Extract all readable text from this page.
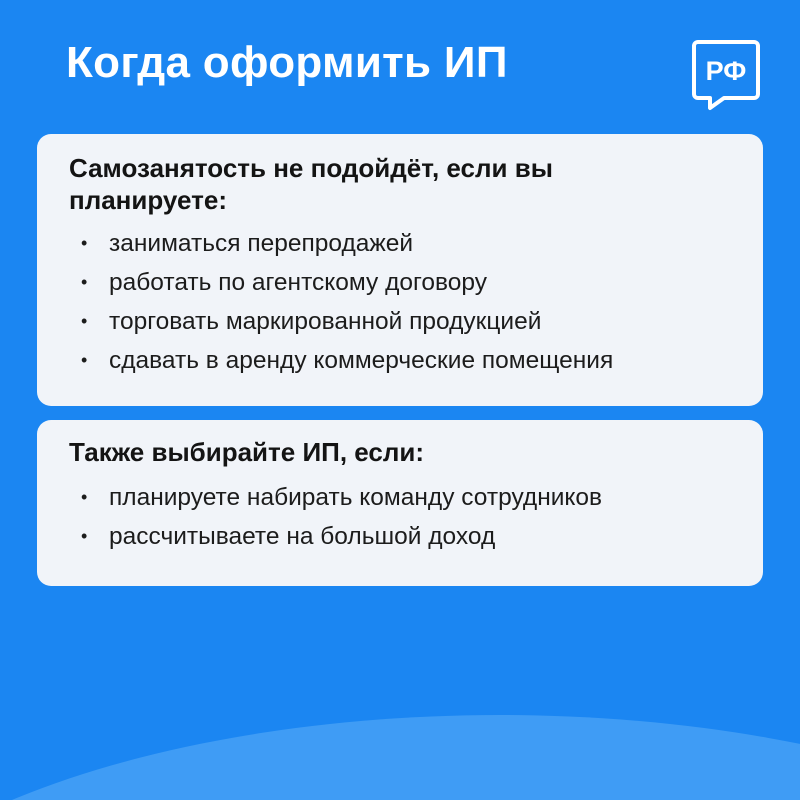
Когда оформить ИП	РФ
Самозанятость не подойдёт, если вы планируете:
• заниматься перепродажей
• работать по агентскому договору
• торговать маркированной продукцией
• сдавать в аренду коммерческие помещения
Также выбирайте ИП, если:
• планируете набирать команду сотрудников
• рассчитываете на большой доход
